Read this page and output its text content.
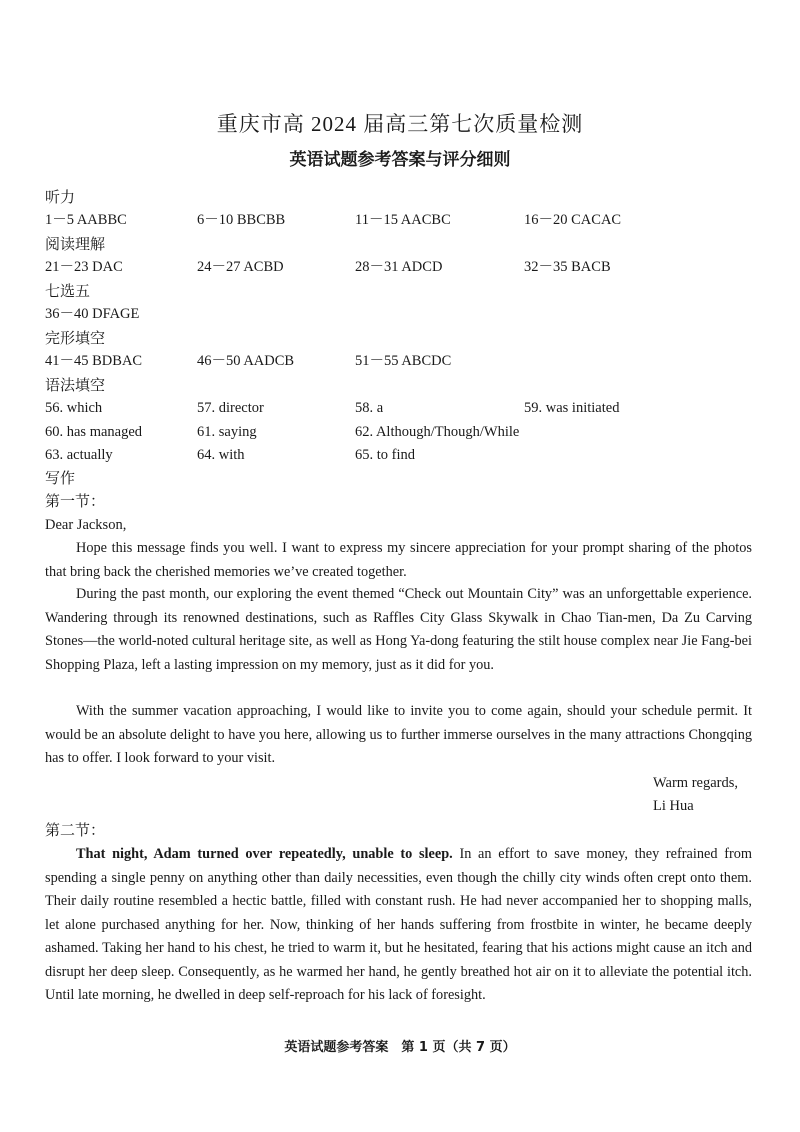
重庆市高 2024 届高三第七次质量检测
英语试题参考答案与评分细则
听力
1－5 AABBC	6－10 BBCBB	11－15 AACBC	16－20 CACAC
阅读理解
21－23 DAC	24－27 ACBD	28－31 ADCD	32－35 BACB
七选五
36－40 DFAGE
完形填空
41－45 BDBAC	46－50 AADCB	51－55 ABCDC
语法填空
56. which	57. director	58. a	59. was initiated
60. has managed	61. saying	62. Although/Though/While
63. actually	64. with	65. to find
写作
第一节：
Dear Jackson,

Hope this message finds you well. I want to express my sincere appreciation for your prompt sharing of the photos that bring back the cherished memories we’ve created together.

During the past month, our exploring the event themed “Check out Mountain City” was an unforgettable experience. Wandering through its renowned destinations, such as Raffles City Glass Skywalk in Chao Tian-men, Da Zu Carving Stones—the world-noted cultural heritage site, as well as Hong Ya-dong featuring the stilt house complex near Jie Fang-bei Shopping Plaza, left a lasting impression on my memory, just as it did for you.

With the summer vacation approaching, I would like to invite you to come again, should your schedule permit. It would be an absolute delight to have you here, allowing us to further immerse ourselves in the many attractions Chongqing has to offer. I look forward to your visit.

Warm regards,
Li Hua
第二节：

That night, Adam turned over repeatedly, unable to sleep. In an effort to save money, they refrained from spending a single penny on anything other than daily necessities, even though the chilly city winds often crept onto them. Their daily routine resembled a hectic battle, filled with constant rush. He had never accompanied her to shopping malls, let alone purchased anything for her. Now, thinking of her hands suffering from frostbite in winter, he became deeply ashamed. Taking her hand to his chest, he tried to warm it, but he hesitated, fearing that his actions might cause an itch and disrupt her deep sleep. Consequently, as he warmed her hand, he gently breathed hot air on it to alleviate the potential itch. Until late morning, he dwelled in deep self-reproach for his lack of foresight.

英语试题参考答案　第 1 页（共 7 页）
